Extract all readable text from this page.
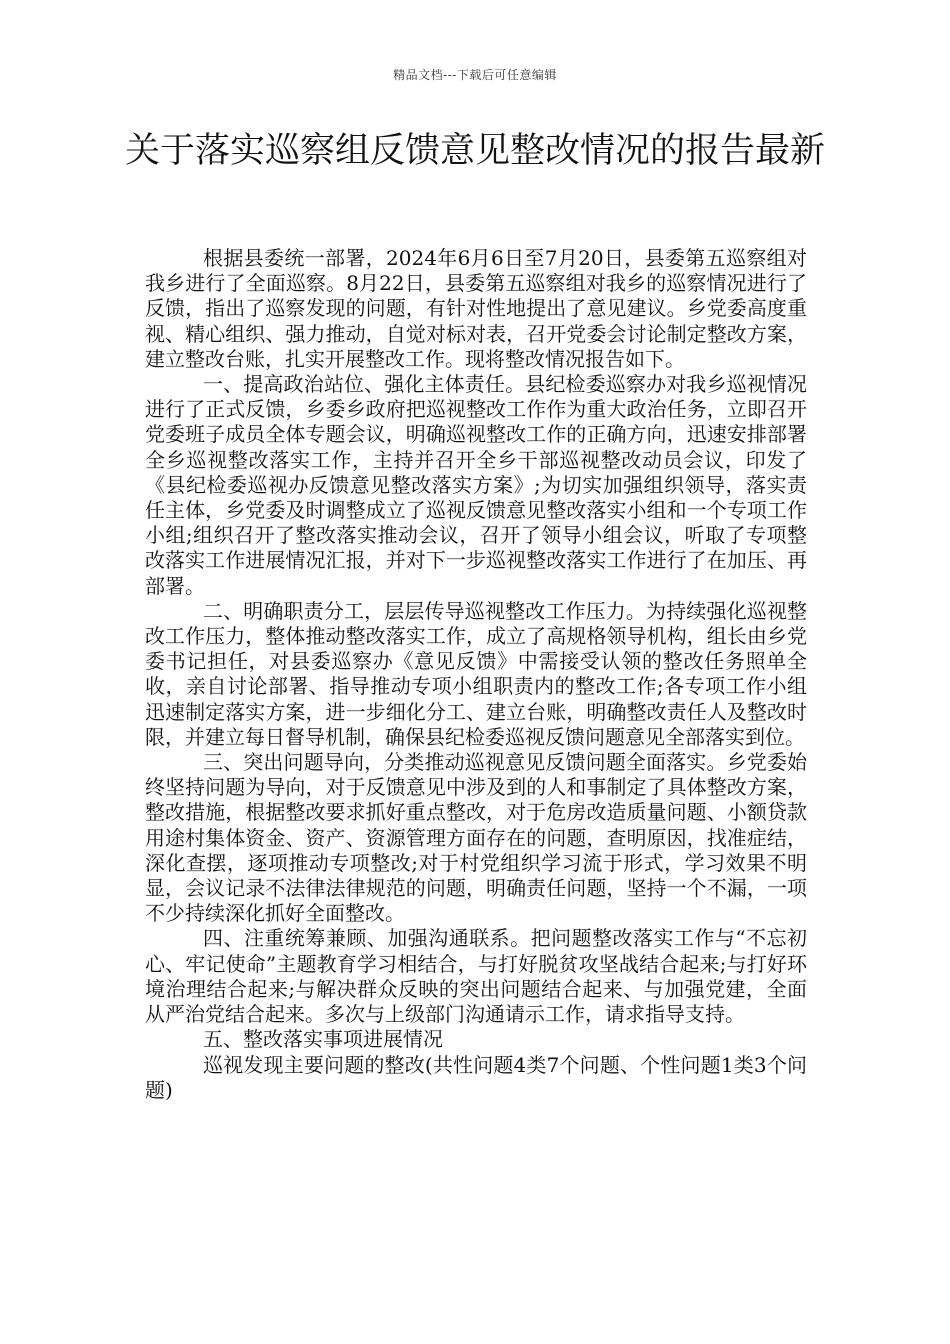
精品文档---下载后可任意编辑
关于落实巡察组反馈意见整改情况的报告最新

根据县委统一部署，2024年6月6日至7月20日，县委第五巡察组对我乡进行了全面巡察。8月22日，县委第五巡察组对我乡的巡察情况进行了反馈，指出了巡察发现的问题，有针对性地提出了意见建议。乡党委高度重视、精心组织、强力推动，自觉对标对表，召开党委会讨论制定整改方案，建立整改台账，扎实开展整改工作。现将整改情况报告如下。

一、提高政治站位、强化主体责任。县纪检委巡察办对我乡巡视情况进行了正式反馈，乡委乡政府把巡视整改工作作为重大政治任务，立即召开党委班子成员全体专题会议，明确巡视整改工作的正确方向，迅速安排部署全乡巡视整改落实工作，主持并召开全乡干部巡视整改动员会议，印发了《县纪检委巡视办反馈意见整改落实方案》;为切实加强组织领导，落实责任主体，乡党委及时调整成立了巡视反馈意见整改落实小组和一个专项工作小组;组织召开了整改落实推动会议，召开了领导小组会议，听取了专项整改落实工作进展情况汇报，并对下一步巡视整改落实工作进行了在加压、再部署。

二、明确职责分工，层层传导巡视整改工作压力。为持续强化巡视整改工作压力，整体推动整改落实工作，成立了高规格领导机构，组长由乡党委书记担任，对县委巡察办《意见反馈》中需接受认领的整改任务照单全收，亲自讨论部署、指导推动专项小组职责内的整改工作;各专项工作小组迅速制定落实方案，进一步细化分工、建立台账，明确整改责任人及整改时限，并建立每日督导机制，确保县纪检委巡视反馈问题意见全部落实到位。

三、突出问题导向，分类推动巡视意见反馈问题全面落实。乡党委始终坚持问题为导向，对于反馈意见中涉及到的人和事制定了具体整改方案，整改措施，根据整改要求抓好重点整改，对于危房改造质量问题、小额贷款用途村集体资金、资产、资源管理方面存在的问题，查明原因，找准症结，深化查摆，逐项推动专项整改;对于村党组织学习流于形式，学习效果不明显，会议记录不法律法律规范的问题，明确责任问题，坚持一个不漏，一项不少持续深化抓好全面整改。

四、注重统筹兼顾、加强沟通联系。把问题整改落实工作与“不忘初心、牢记使命”主题教育学习相结合，与打好脱贫攻坚战结合起来;与打好环境治理结合起来;与解决群众反映的突出问题结合起来、与加强党建，全面从严治党结合起来。多次与上级部门沟通请示工作，请求指导支持。

五、整改落实事项进展情况

巡视发现主要问题的整改(共性问题4类7个问题、个性问题1类3个问题)
